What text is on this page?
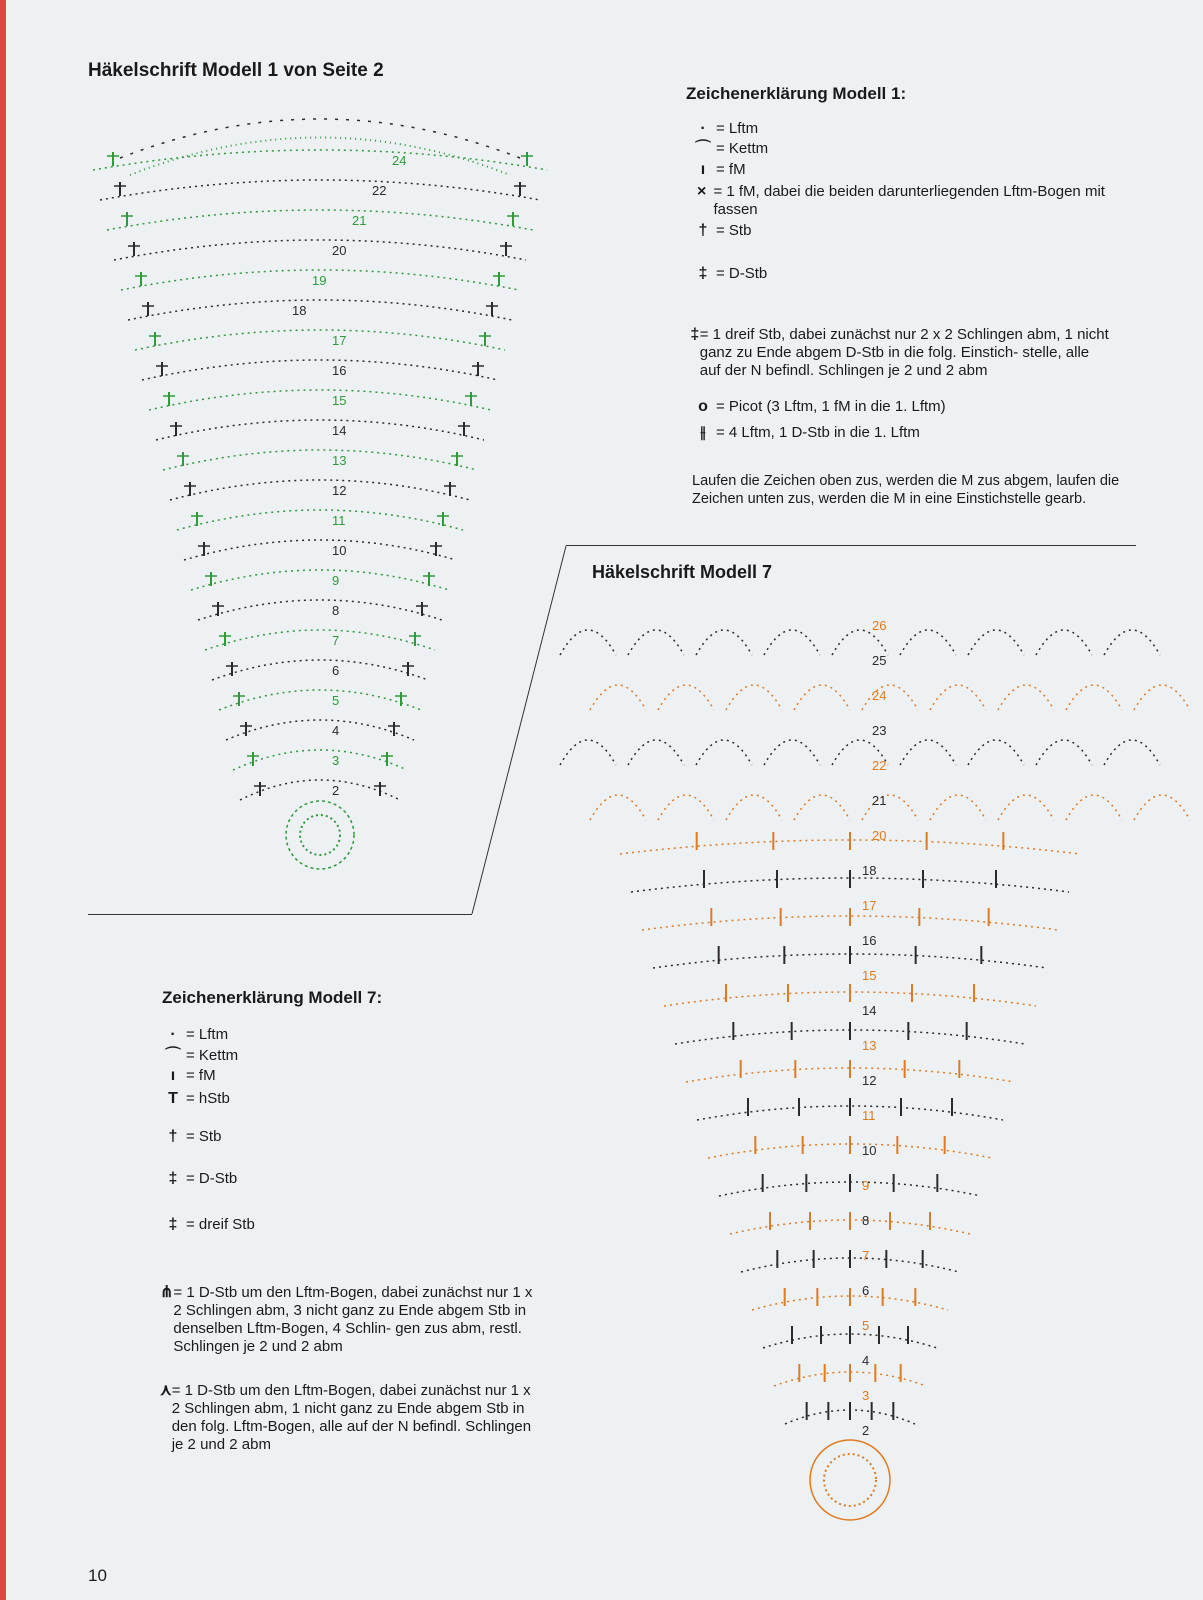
Häkelschrift Modell 1 von Seite 2
2
3
4
5
6
7
8
9
10
11
12
13
14
15
16
17
18
19
20
21
22
24
Zeichenerklärung Modell 1:
· = Lftm
⌒ = Kettm
ı = fM
× = 1 fM, dabei die beiden darunterliegenden Lftm-Bogen mit fassen
† = Stb
‡ = D-Stb
‡ = 1 dreif Stb, dabei zunächst nur 2 x 2 Schlingen abm, 1 nicht ganz zu Ende abgem D-Stb in die folg. Einstich- stelle, alle auf der N befindl. Schlingen je 2 und 2 abm
o = Picot (3 Lftm, 1 fM in die 1. Lftm)
⫲ = 4 Lftm, 1 D-Stb in die 1. Lftm
Laufen die Zeichen oben zus, werden die M zus abgem, laufen die Zeichen unten zus, werden die M in eine Einstichstelle gearb.
Häkelschrift Modell 7
2
3
4
5
6
7
8
9
10
11
12
13
14
15
16
17
18
20
21
22
23
24
25
26
Zeichenerklärung Modell 7:
· = Lftm
⌒ = Kettm
ı = fM
T = hStb
† = Stb
‡ = D-Stb
‡ = dreif Stb
⋔ = 1 D-Stb um den Lftm-Bogen, dabei zunächst nur 1 x 2 Schlingen abm, 3 nicht ganz zu Ende abgem Stb in denselben Lftm-Bogen, 4 Schlin- gen zus abm, restl. Schlingen je 2 und 2 abm
⋏ = 1 D-Stb um den Lftm-Bogen, dabei zunächst nur 1 x 2 Schlingen abm, 1 nicht ganz zu Ende abgem Stb in den folg. Lftm-Bogen, alle auf der N befindl. Schlingen je 2 und 2 abm
10
